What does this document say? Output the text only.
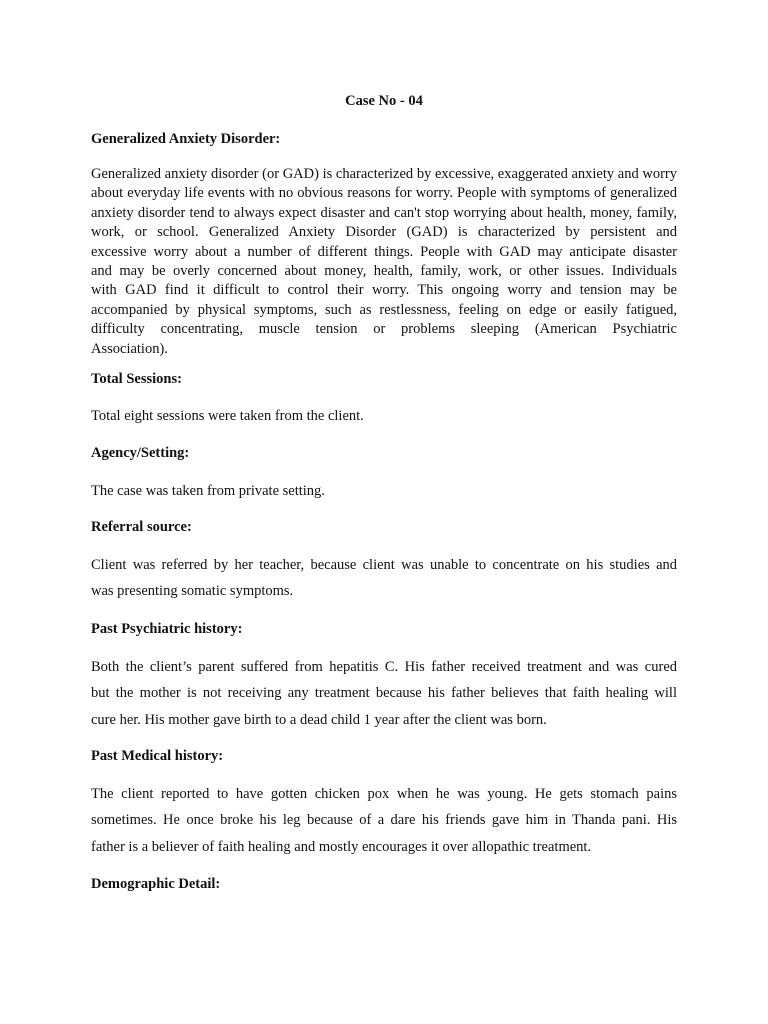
Case No - 04
Generalized Anxiety Disorder:
Generalized anxiety disorder (or GAD) is characterized by excessive, exaggerated anxiety and worry
about everyday life events with no obvious reasons for worry. People with symptoms of generalized
anxiety disorder tend to always expect disaster and can't stop worrying about health, money, family,
work, or school. Generalized Anxiety Disorder (GAD) is characterized by persistent and
excessive worry about a number of different things. People with GAD may anticipate disaster
and may be overly concerned about money, health, family, work, or other issues. Individuals
with GAD find it difficult to control their worry. This ongoing worry and tension may be
accompanied by physical symptoms, such as restlessness, feeling on edge or easily fatigued,
difficulty concentrating, muscle tension or problems sleeping (American Psychiatric
Association).
Total Sessions:
Total eight sessions were taken from the client.
Agency/Setting:
The case was taken from private setting.
Referral source:
Client was referred by her teacher, because client was unable to concentrate on his studies and
was presenting somatic symptoms.
Past Psychiatric history:
Both the client’s parent suffered from hepatitis C. His father received treatment and was cured
but the mother is not receiving any treatment because his father believes that faith healing will
cure her. His mother gave birth to a dead child 1 year after the client was born.
Past Medical history:
The client reported to have gotten chicken pox when he was young. He gets stomach pains
sometimes. He once broke his leg because of a dare his friends gave him in Thanda pani. His
father is a believer of faith healing and mostly encourages it over allopathic treatment.
Demographic Detail:
